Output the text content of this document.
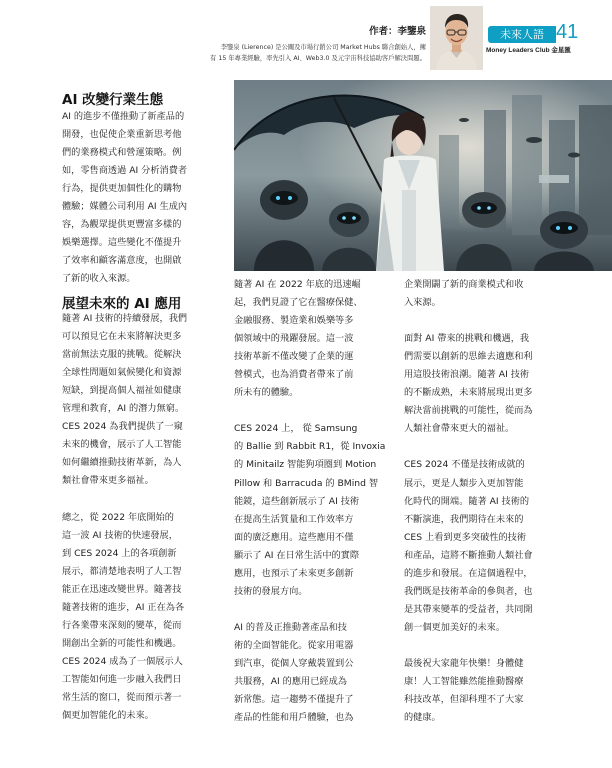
作者：李鑒泉
李鑒泉 (Lierence) 是公關及市場行銷公司 Market Hubs 聯合創始人，擁
有 15 年專業經驗，率先引入 AI、Web3.0 及元宇宙科技協助客戶解決問題。
未來人語 41
Money Leaders Club 金星匯
AI 改變行業生態
AI 的進步不僅推動了新產品的
開發，也促使企業重新思考他
們的業務模式和營運策略。例
如，零售商透過 AI 分析消費者
行為，提供更加個性化的購物
體驗；媒體公司利用 AI 生成內
容，為觀眾提供更豐富多樣的
娛樂選擇。這些變化不僅提升
了效率和顧客滿意度，也開啟
了新的收入來源。
展望未來的 AI 應用
隨著 AI 技術的持續發展，我們
可以預見它在未來將解決更多
當前無法克服的挑戰。從解決
全球性問題如氣候變化和資源
短缺，到提高個人福祉如健康
管理和教育，AI 的潛力無窮。
CES 2024 為我們提供了一窺
未來的機會，展示了人工智能
如何繼續推動技術革新，為人
類社會帶來更多福祉。
總之，從 2022 年底開始的
這一波 AI 技術的快速發展，
到 CES 2024 上的各項創新
展示，都清楚地表明了人工智
能正在迅速改變世界。隨著技
隨著技術的進步，AI 正在為各
行各業帶來深刻的變革，從而
開創出全新的可能性和機遇。
CES 2024 成為了一個展示人
工智能如何進一步融入我們日
常生活的窗口，從而預示著一
個更加智能化的未來。
隨著 AI 在 2022 年底的迅速崛
起，我們見證了它在醫療保健、
金融服務、製造業和娛樂等多
個領域中的飛躍發展。這一波
技術革新不僅改變了企業的運
營模式，也為消費者帶來了前
所未有的體驗。
CES 2024 上， 從 Samsung
的 Ballie 到 Rabbit R1，從 Invoxia
的 Minitailz 智能狗項圈到 Motion
Pillow 和 Barracuda 的 BMind 智
能鏡，這些創新展示了 AI 技術
在提高生活質量和工作效率方
面的廣泛應用。這些應用不僅
顯示了 AI 在日常生活中的實際
應用，也預示了未來更多創新
技術的發展方向。
AI 的普及正推動著產品和技
術的全面智能化。從家用電器
到汽車，從個人穿戴裝置到公
共服務，AI 的應用已經成為
新常態。這一趨勢不僅提升了
產品的性能和用戶體驗，也為
企業開闢了新的商業模式和收
入來源。
面對 AI 帶來的挑戰和機遇，我
們需要以創新的思維去適應和利
用這股技術浪潮。隨著 AI 技術
的不斷成熟，未來將展現出更多
解決當前挑戰的可能性，從而為
人類社會帶來更大的福祉。
CES 2024 不僅是技術成就的
展示，更是人類步入更加智能
化時代的開端。隨著 AI 技術的
不斷演進，我們期待在未來的
CES 上看到更多突破性的技術
和產品，這將不斷推動人類社會
的進步和發展。在這個過程中，
我們既是技術革命的參與者，也
是其帶來變革的受益者，共同開
創一個更加美好的未來。
最後祝大家龍年快樂！身體健
康！人工智能雖然能推動醫療
科技改革，但卻科理不了大家
的健康。
